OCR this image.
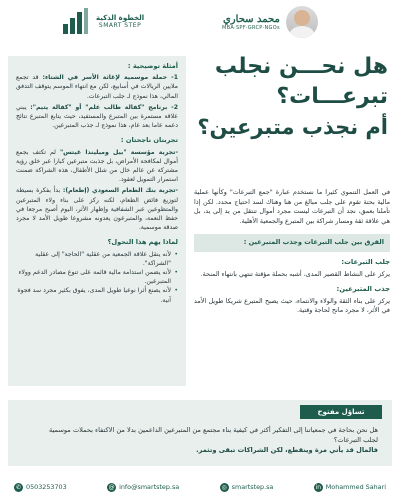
الخطوة الذكية
SMART STEP
محمد سحاري
MBA·SPF·GRCP·NGOs
هل نحـــن نجلب
تبرعـــات؟
أم نجذب متبرعين؟

في العمل التنموي كثيرا ما نستخدم عبارة "جمع التبرعات" وكأنها عملية مالية بحتة تقوم على جلب مبالغ من هنا وهناك لسد احتياج محدد. لكن إذا تأملنا بعمق، نجد أن التبرعات ليست مجرد أموال تنتقل من يد إلى يد، بل هي علاقة ثقة ومسار شراكة بين المتبرع والجمعية الأهلية.

الفرق بين جلب التبرعات وجذب المتبرعين :
جلب التبرعات:

يركز على النشاط القصير المدى، أشبه بحملة مؤقتة تنتهي بانتهاء المنحة.

جذب المتبرعين:

يركز على بناء الثقة والولاء والانتماء، حيث يصبح المتبرع شريكا طويل الأمد في الأثر، لا مجرد مانح لحاجة وقتية.

أمثلة توضيحية :

1- حملة موسمية لإغاثة الأسر في الشتاء: قد تجمع ملايين الريالات في أسابيع، لكن مع انتهاء الموسم يتوقف التدفق المالي، هذا نموذج لـ جلب التبرعات.

2- برنامج "كفالة طالب علم" أو "كفالة يتيم": يبني علاقة مستمرة بين المتبرع والمستفيد، حيث يتابع المتبرع نتائج دعمه عاما بعد عام، هذا نموذج لـ جذب المتبرعين.

تجربتان ناجحتان :

-تجربة مؤسسة "بيل وميليندا غيتس" لم تكتف بجمع أموال لمكافحة الأمراض، بل جذبت متبرعين كبارا عبر خلق رؤية مشتركة عن عالم خال من شلل الأطفال، هذه الشراكة ضمنت استمرار التمويل لعقود.

-تجربة بنك الطعام السعودي (إطعام): بدأ بفكرة بسيطة لتوزيع فائض الطعام، لكنه ركز على بناء ولاء المتبرعين والمتطوعين عبر الشفافية وإظهار الأثر، اليوم أصبح مرجعا في حفظ النعمة، والمتبرعون يعدونه مشروعا طويل الأمد لا مجرد صدقة موسمية.

لماذا يهم هذا التحول؟
• لأنه ينقل علاقة الجمعية من عقلية "الحاجة" إلى عقلية "الشراكة".
• لأنه يضمن استدامة مالية قائمة على تنوع مصادر الدعم وولاء المتبرعين.
• لأنه يصنع أثرا نوعيا طويل المدى، يفوق بكثير مجرد سد فجوة آنية.
تساؤل مفتوح

هل نحن بحاجة في جمعياتنا إلى التفكير أكثر في كيفية بناء مجتمع من المتبرعين الداعمين بدلا من الاكتفاء بحملات موسمية لجلب التبرعات؟

فالمال قد يأتي مرة وينقطع، لكن الشراكات تبقى وتثمر.

✆ 0503253703	@ info@smartstep.sa	◎ smartstep.sa	in Mohammed Sahari
